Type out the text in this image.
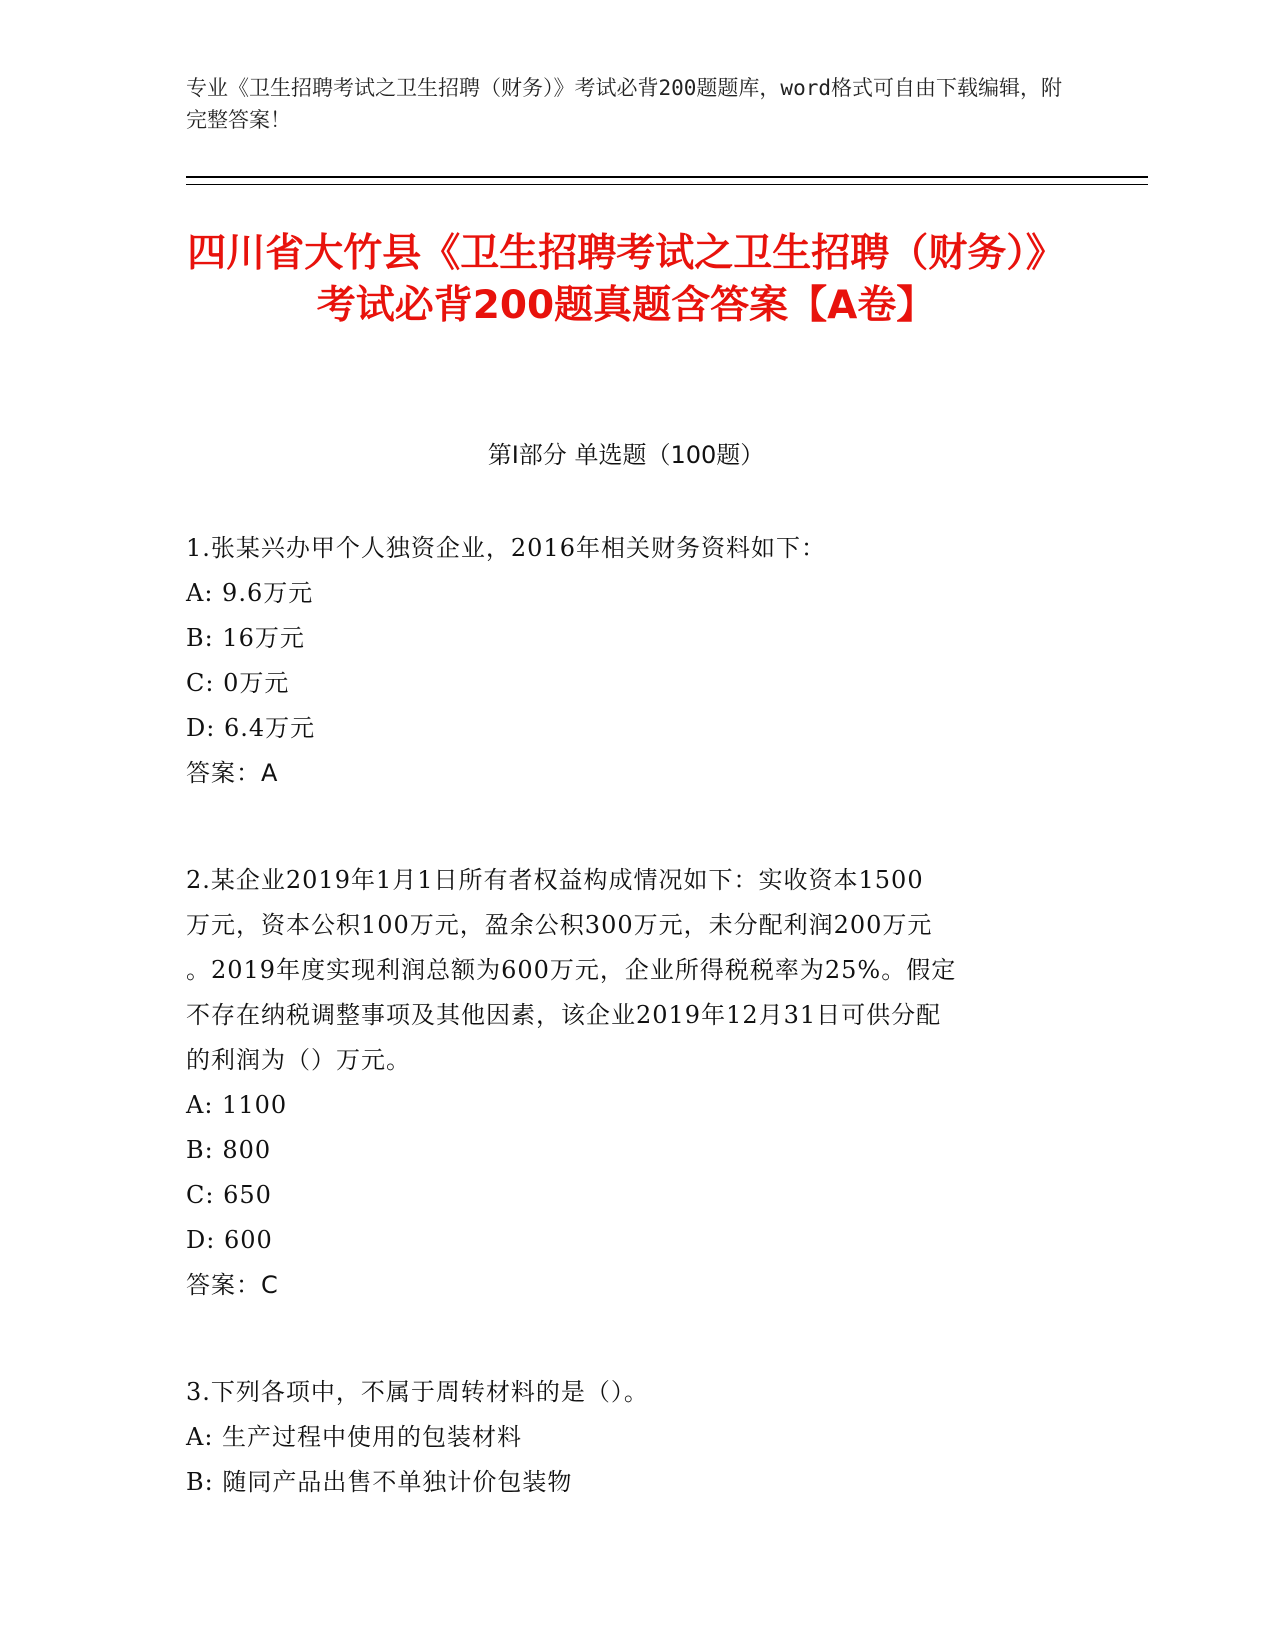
专业《卫生招聘考试之卫生招聘（财务）》考试必背200题题库，word格式可自由下载编辑，附完整答案！
四川省大竹县《卫生招聘考试之卫生招聘（财务）》考试必背200题真题含答案【A卷】
第I部分 单选题（100题）
1.张某兴办甲个人独资企业，2016年相关财务资料如下：
A: 9.6万元
B: 16万元
C: 0万元
D: 6.4万元
答案：A
2.某企业2019年1月1日所有者权益构成情况如下：实收资本1500
万元，资本公积100万元，盈余公积300万元，未分配利润200万元
。2019年度实现利润总额为600万元，企业所得税税率为25%。假定
不存在纳税调整事项及其他因素，该企业2019年12月31日可供分配
的利润为（）万元。
A: 1100
B: 800
C: 650
D: 600
答案：C
3.下列各项中，不属于周转材料的是（）。
A: 生产过程中使用的包装材料
B: 随同产品出售不单独计价包装物
